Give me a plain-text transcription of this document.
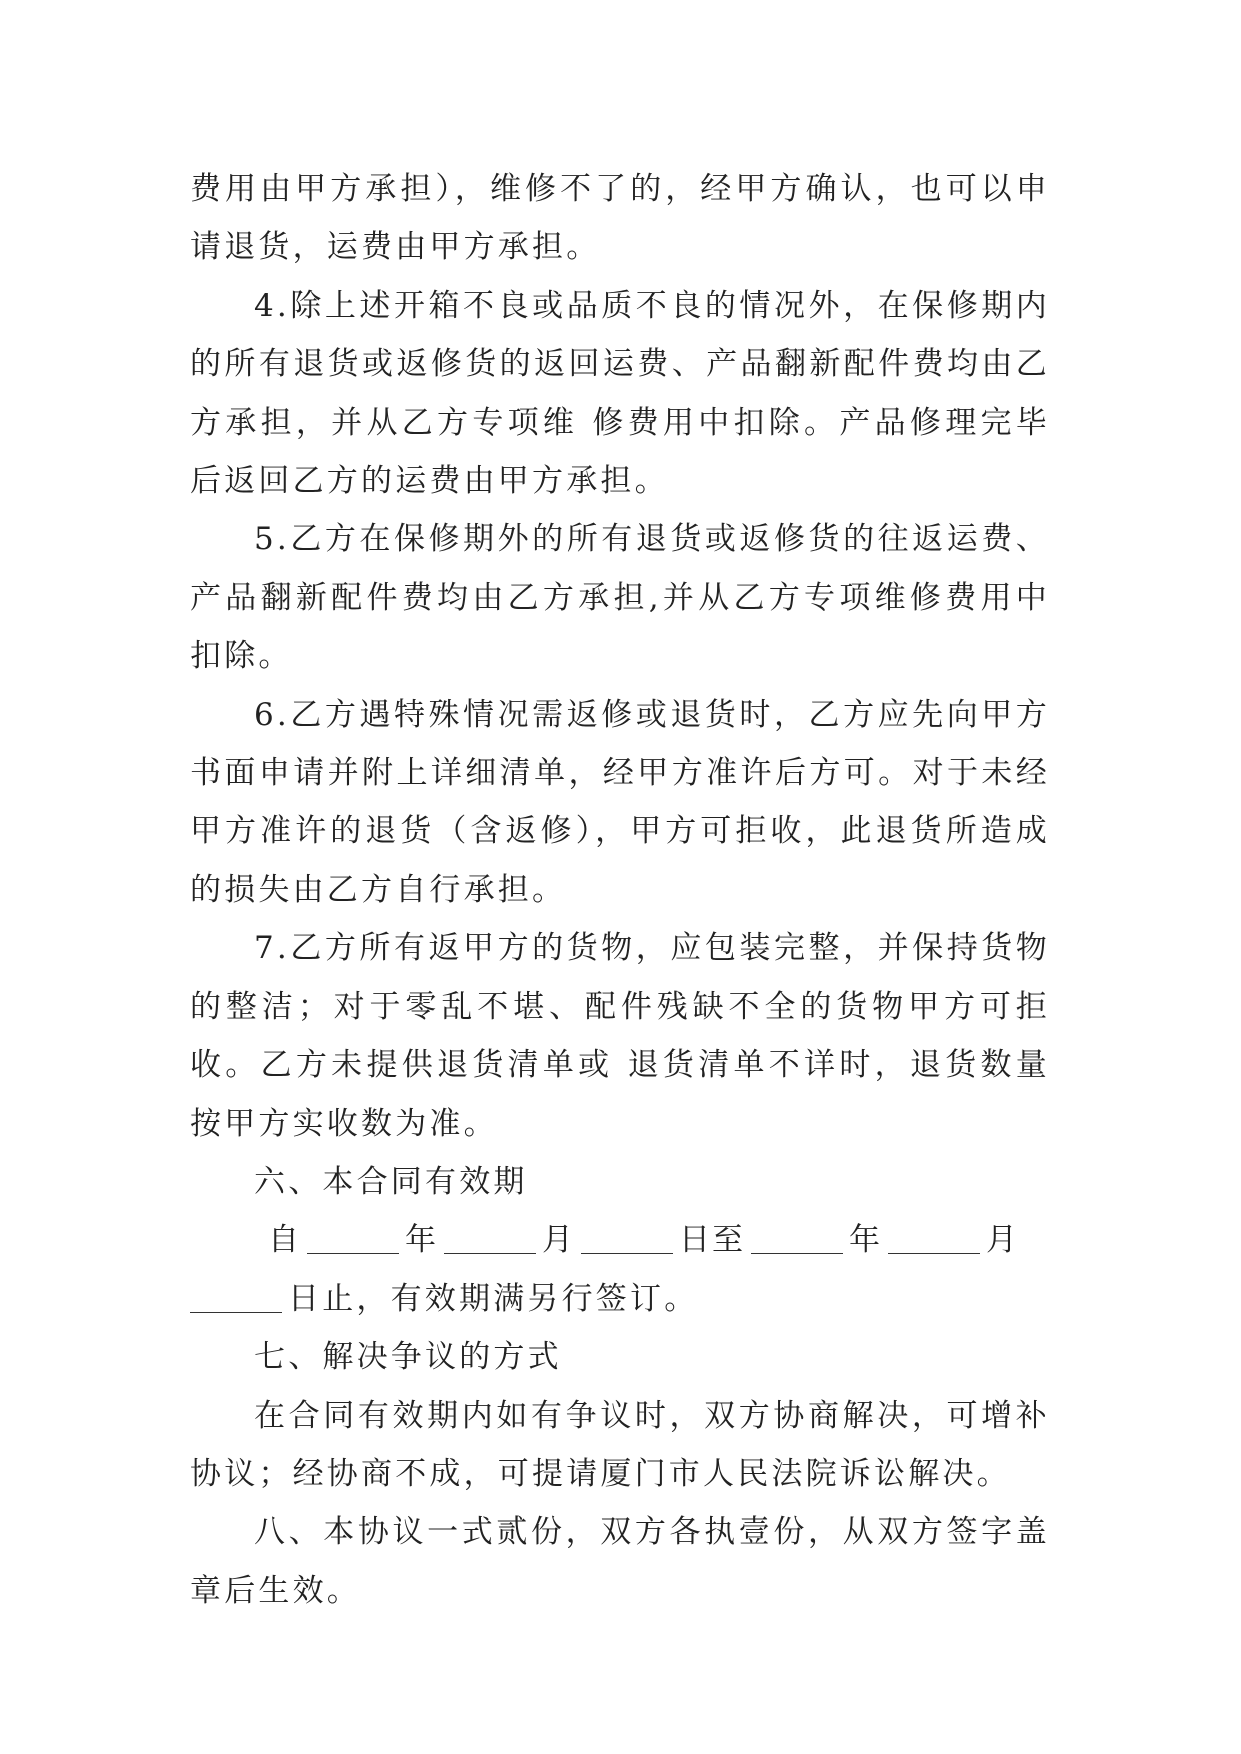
费用由甲方承担），维修不了的，经甲方确认，也可以申请退货，运费由甲方承担。

4.除上述开箱不良或品质不良的情况外，在保修期内的所有退货或返修货的返回运费、产品翻新配件费均由乙方承担，并从乙方专项维 修费用中扣除。产品修理完毕后返回乙方的运费由甲方承担。

5.乙方在保修期外的所有退货或返修货的往返运费、产品翻新配件费均由乙方承担,并从乙方专项维修费用中扣除。

6.乙方遇特殊情况需返修或退货时，乙方应先向甲方书面申请并附上详细清单，经甲方准许后方可。对于未经甲方准许的退货（含返修），甲方可拒收，此退货所造成的损失由乙方自行承担。

7.乙方所有返甲方的货物，应包装完整，并保持货物的整洁；对于零乱不堪、配件残缺不全的货物甲方可拒收。乙方未提供退货清单或 退货清单不详时，退货数量按甲方实收数为准。

六、本合同有效期

自	年	月	日至	年	月

日止，有效期满另行签订。

七、解决争议的方式

在合同有效期内如有争议时，双方协商解决，可增补协议；经协商不成，可提请厦门市人民法院诉讼解决。

八、本协议一式贰份，双方各执壹份，从双方签字盖章后生效。
